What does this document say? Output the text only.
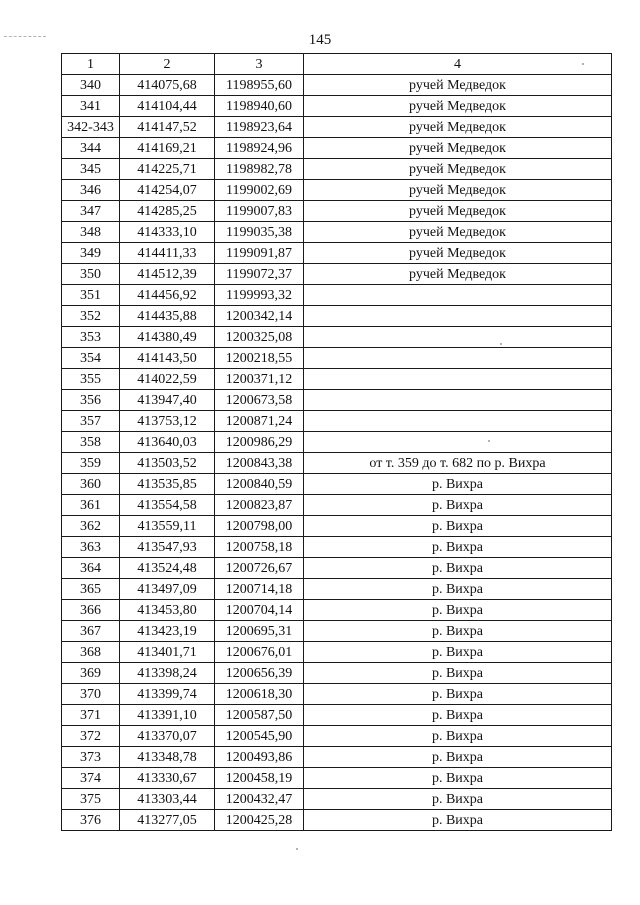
145
1	2	3	4
340	414075,68	1198955,60	ручей Медведок
341	414104,44	1198940,60	ручей Медведок
342-343	414147,52	1198923,64	ручей Медведок
344	414169,21	1198924,96	ручей Медведок
345	414225,71	1198982,78	ручей Медведок
346	414254,07	1199002,69	ручей Медведок
347	414285,25	1199007,83	ручей Медведок
348	414333,10	1199035,38	ручей Медведок
349	414411,33	1199091,87	ручей Медведок
350	414512,39	1199072,37	ручей Медведок
351	414456,92	1199993,32	
352	414435,88	1200342,14	
353	414380,49	1200325,08	
354	414143,50	1200218,55	
355	414022,59	1200371,12	
356	413947,40	1200673,58	
357	413753,12	1200871,24	
358	413640,03	1200986,29	
359	413503,52	1200843,38	от т. 359 до т. 682 по р. Вихра
360	413535,85	1200840,59	р. Вихра
361	413554,58	1200823,87	р. Вихра
362	413559,11	1200798,00	р. Вихра
363	413547,93	1200758,18	р. Вихра
364	413524,48	1200726,67	р. Вихра
365	413497,09	1200714,18	р. Вихра
366	413453,80	1200704,14	р. Вихра
367	413423,19	1200695,31	р. Вихра
368	413401,71	1200676,01	р. Вихра
369	413398,24	1200656,39	р. Вихра
370	413399,74	1200618,30	р. Вихра
371	413391,10	1200587,50	р. Вихра
372	413370,07	1200545,90	р. Вихра
373	413348,78	1200493,86	р. Вихра
374	413330,67	1200458,19	р. Вихра
375	413303,44	1200432,47	р. Вихра
376	413277,05	1200425,28	р. Вихра
